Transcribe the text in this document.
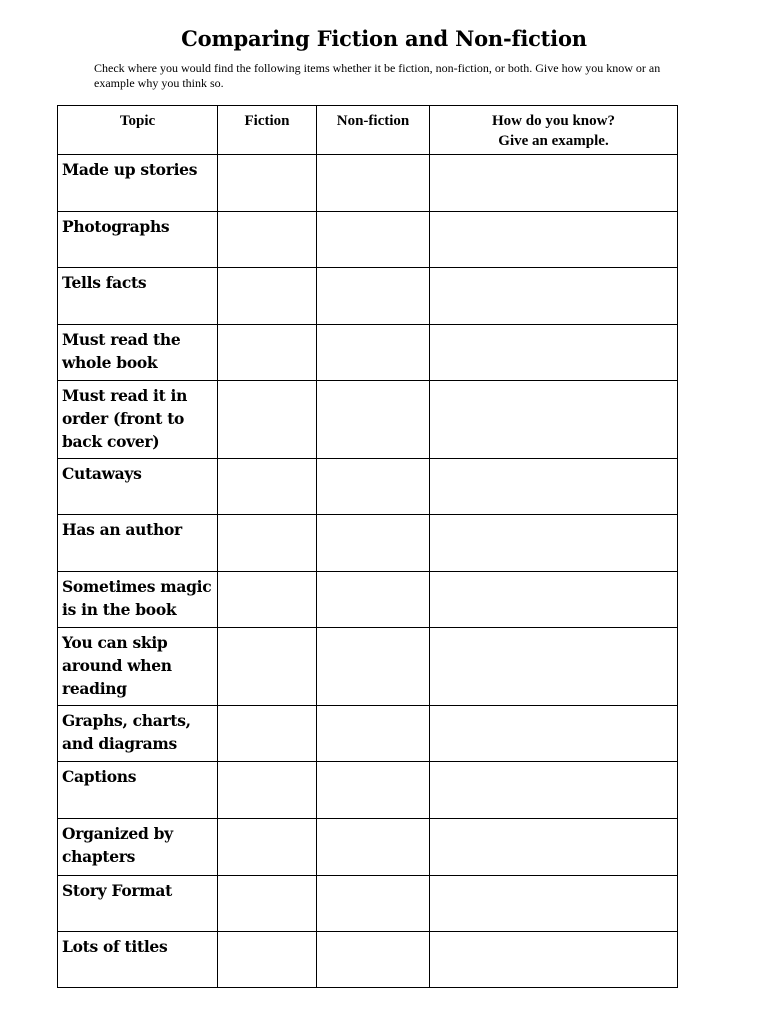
Comparing Fiction and Non-fiction

Check where you would find the following items whether it be fiction, non-fiction, or both. Give how you know or an example why you think so.

Topic	Fiction	Non-fiction	How do you know?
Give an example.

Made up stories			
Photographs			
Tells facts			
Must read the whole book			
Must read it in order (front to back cover)			
Cutaways			
Has an author			
Sometimes magic is in the book			
You can skip around when reading			
Graphs, charts, and diagrams			
Captions			
Organized by chapters			
Story Format			
Lots of titles			
